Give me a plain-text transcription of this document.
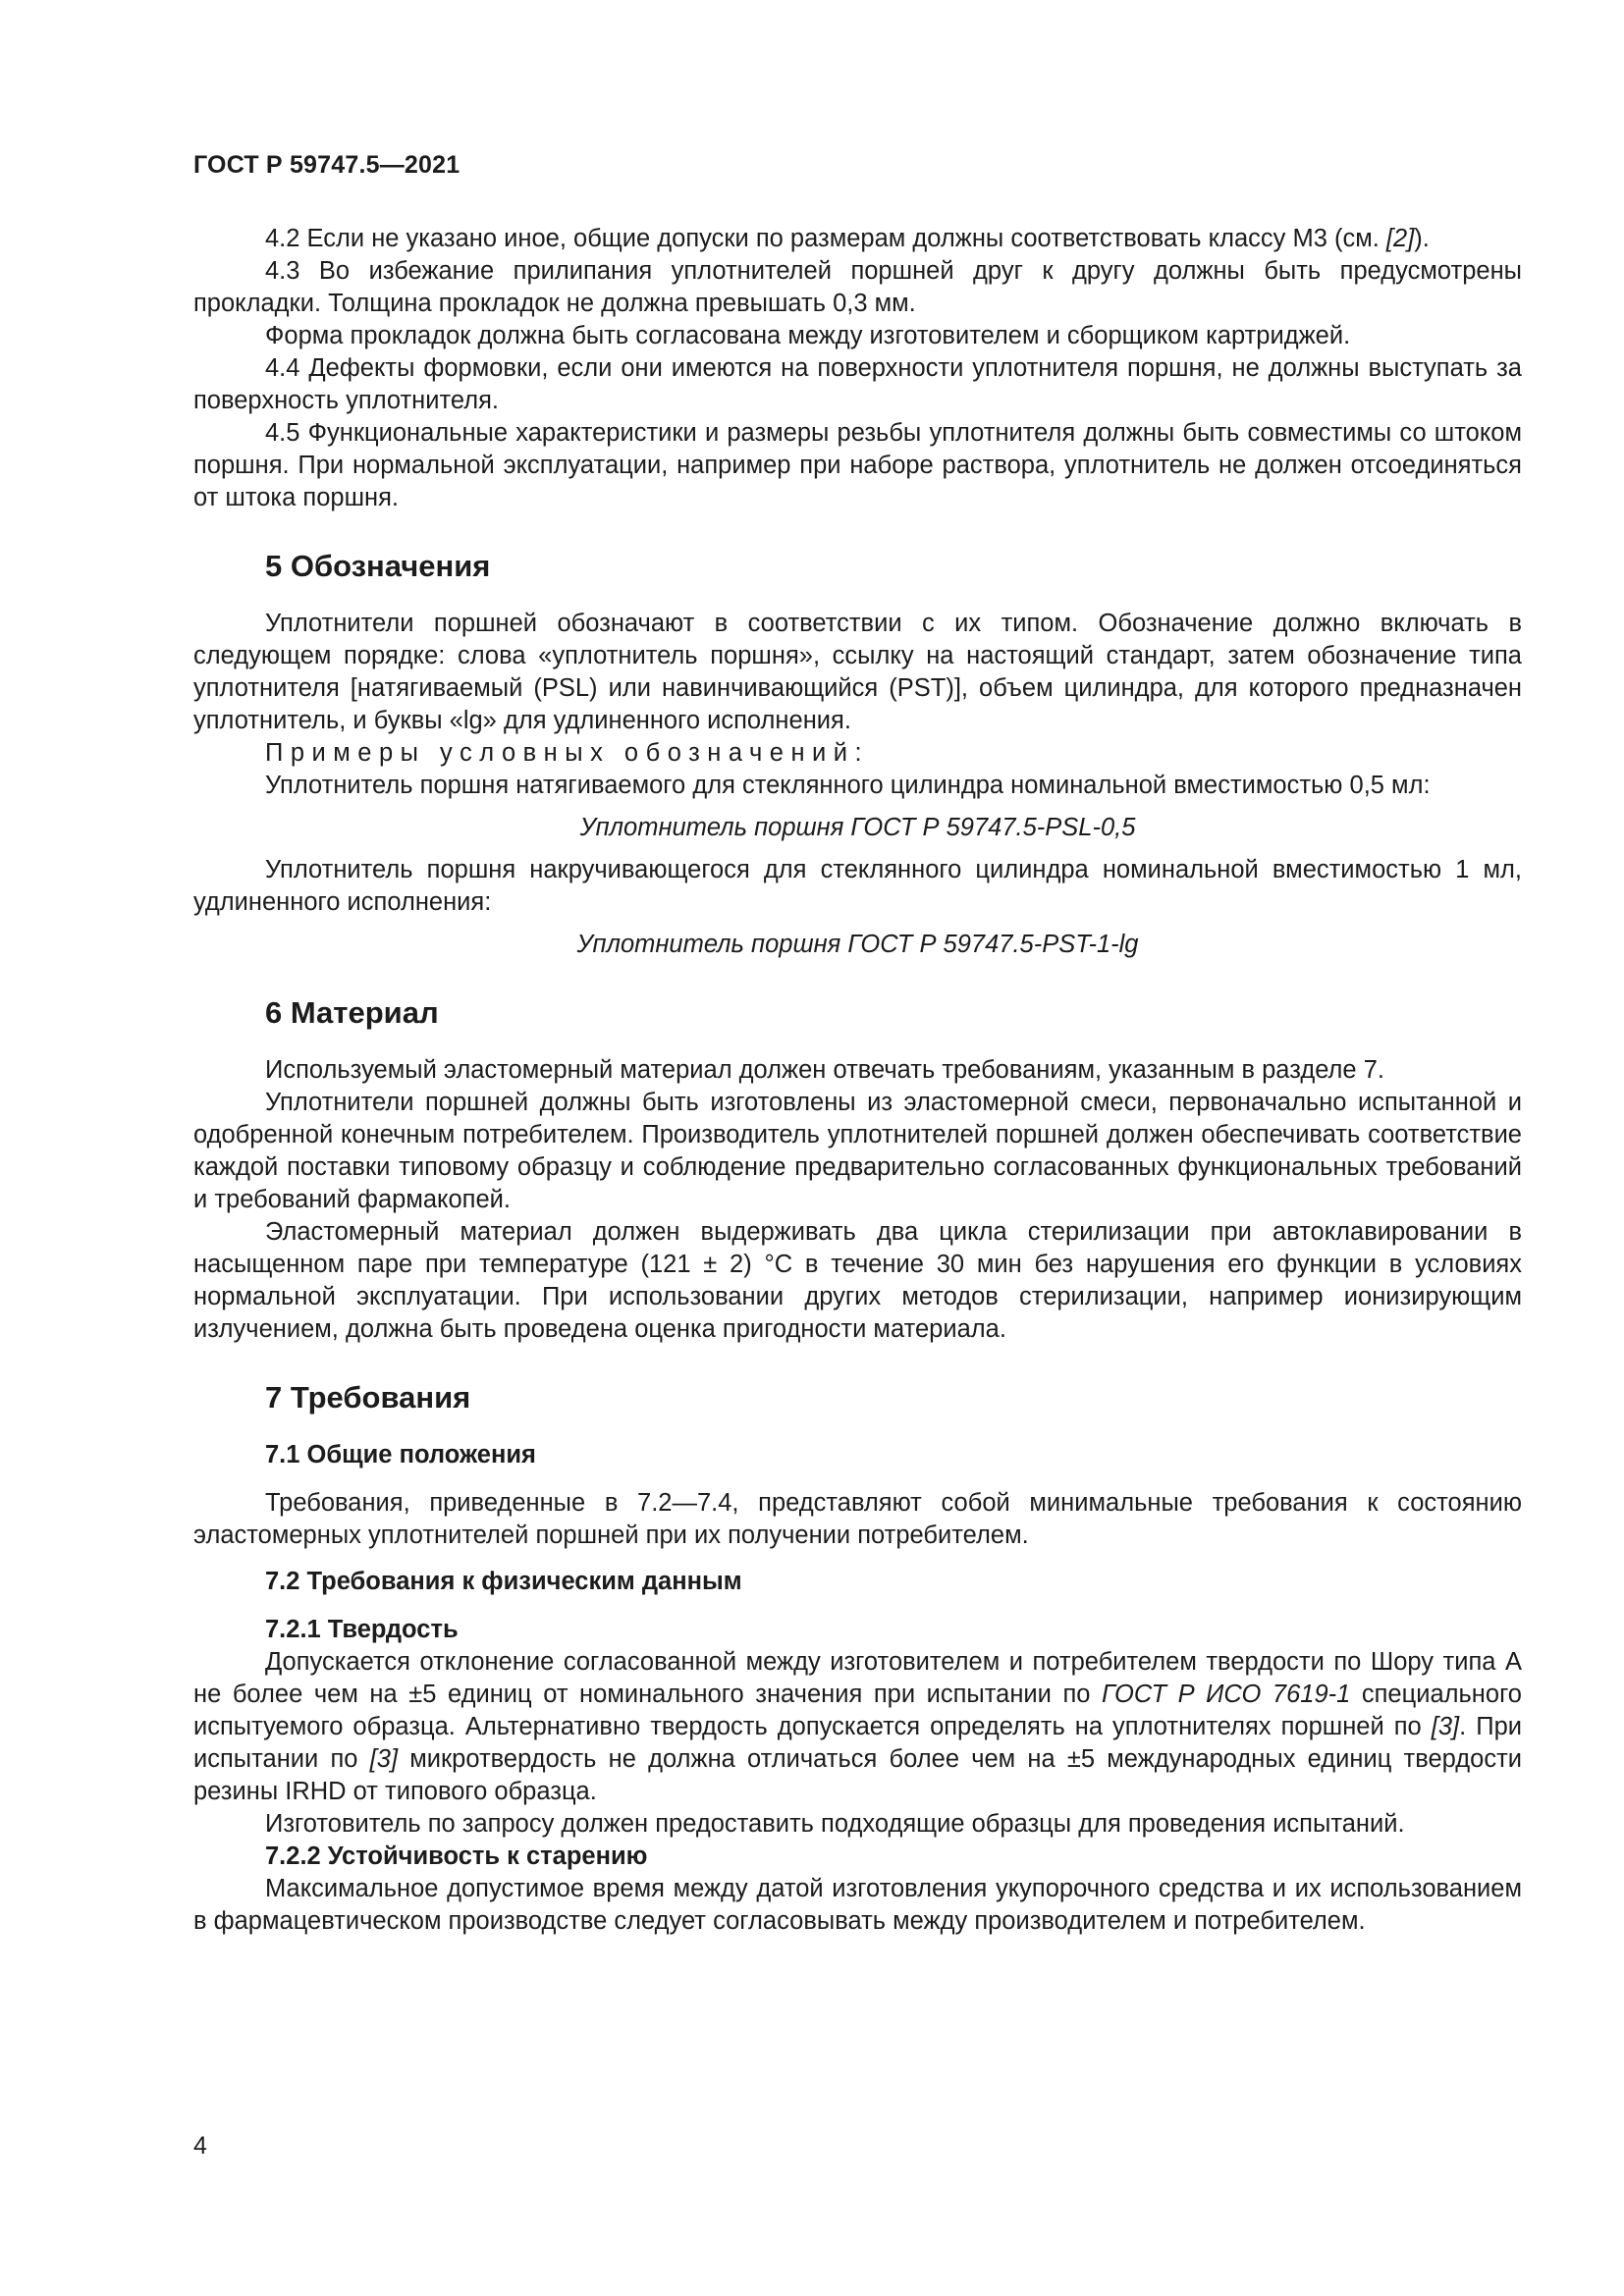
ГОСТ Р 59747.5—2021

4.2 Если не указано иное, общие допуски по размерам должны соответствовать классу М3 (см. [2]).

4.3 Во избежание прилипания уплотнителей поршней друг к другу должны быть предусмотрены прокладки. Толщина прокладок не должна превышать 0,3 мм.

Форма прокладок должна быть согласована между изготовителем и сборщиком картриджей.

4.4 Дефекты формовки, если они имеются на поверхности уплотнителя поршня, не должны выступать за поверхность уплотнителя.

4.5 Функциональные характеристики и размеры резьбы уплотнителя должны быть совместимы со штоком поршня. При нормальной эксплуатации, например при наборе раствора, уплотнитель не должен отсоединяться от штока поршня.

5 Обозначения

Уплотнители поршней обозначают в соответствии с их типом. Обозначение должно включать в следующем порядке: слова «уплотнитель поршня», ссылку на настоящий стандарт, затем обозначение типа уплотнителя [натягиваемый (PSL) или навинчивающийся (PST)], объем цилиндра, для которого предназначен уплотнитель, и буквы «lg» для удлиненного исполнения.

Примеры условных обозначений:

Уплотнитель поршня натягиваемого для стеклянного цилиндра номинальной вместимостью 0,5 мл:

Уплотнитель поршня ГОСТ Р 59747.5-PSL-0,5

Уплотнитель поршня накручивающегося для стеклянного цилиндра номинальной вместимостью 1 мл, удлиненного исполнения:

Уплотнитель поршня ГОСТ Р 59747.5-PST-1-lg

6 Материал

Используемый эластомерный материал должен отвечать требованиям, указанным в разделе 7.

Уплотнители поршней должны быть изготовлены из эластомерной смеси, первоначально испытанной и одобренной конечным потребителем. Производитель уплотнителей поршней должен обеспечивать соответствие каждой поставки типовому образцу и соблюдение предварительно согласованных функциональных требований и требований фармакопей.

Эластомерный материал должен выдерживать два цикла стерилизации при автоклавировании в насыщенном паре при температуре (121 ± 2) °С в течение 30 мин без нарушения его функции в условиях нормальной эксплуатации. При использовании других методов стерилизации, например ионизирующим излучением, должна быть проведена оценка пригодности материала.

7 Требования
7.1 Общие положения

Требования, приведенные в 7.2—7.4, представляют собой минимальные требования к состоянию эластомерных уплотнителей поршней при их получении потребителем.

7.2 Требования к физическим данным
7.2.1 Твердость

Допускается отклонение согласованной между изготовителем и потребителем твердости по Шору типа А не более чем на ±5 единиц от номинального значения при испытании по ГОСТ Р ИСО 7619-1 специального испытуемого образца. Альтернативно твердость допускается определять на уплотнителях поршней по [3]. При испытании по [3] микротвердость не должна отличаться более чем на ±5 международных единиц твердости резины IRHD от типового образца.

Изготовитель по запросу должен предоставить подходящие образцы для проведения испытаний.

7.2.2 Устойчивость к старению

Максимальное допустимое время между датой изготовления укупорочного средства и их использованием в фармацевтическом производстве следует согласовывать между производителем и потребителем.

4
